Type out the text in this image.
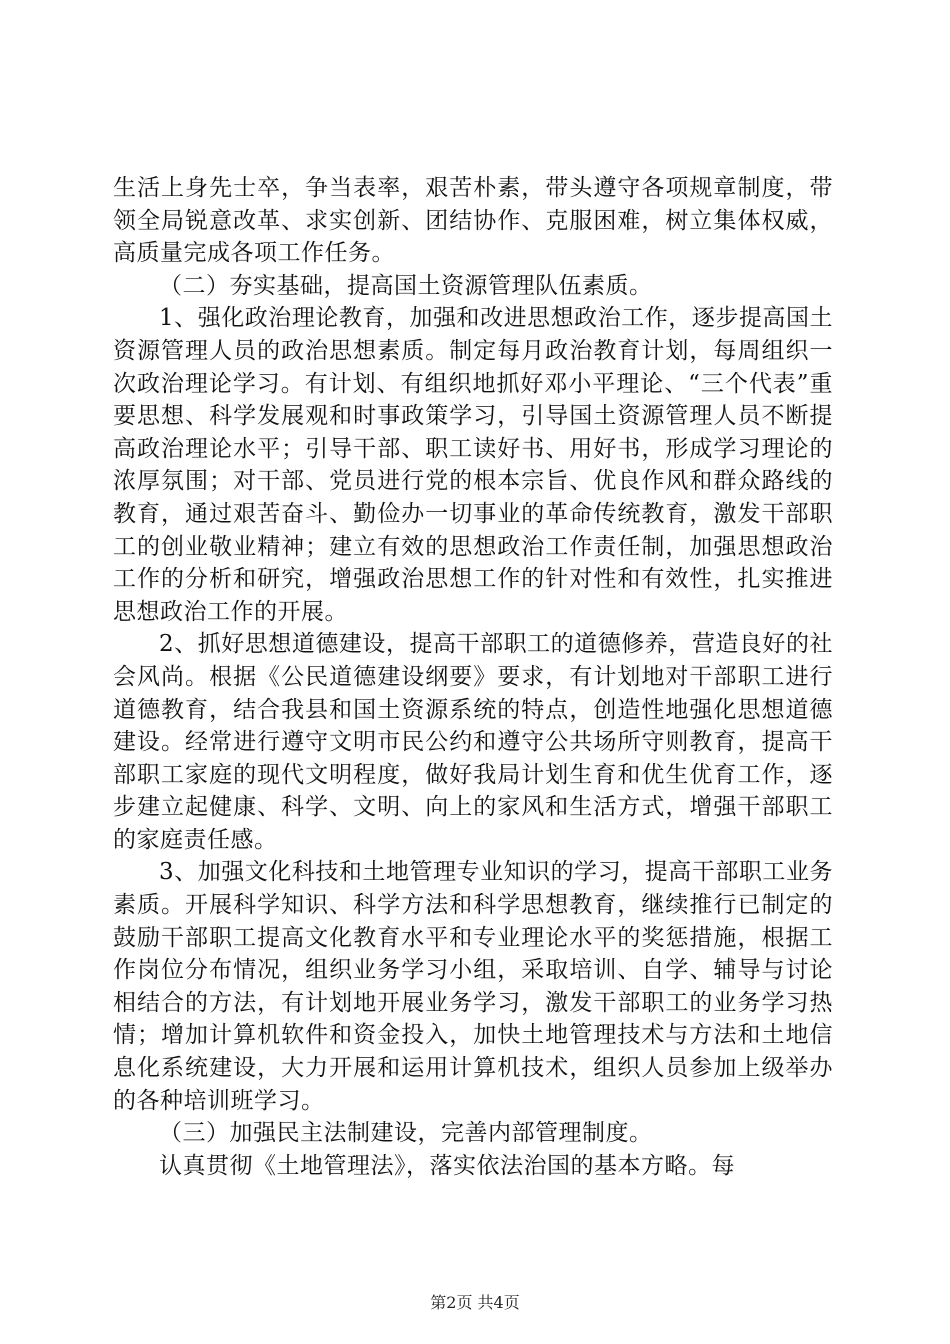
生活上身先士卒，争当表率，艰苦朴素，带头遵守各项规章制度，带领全局锐意改革、求实创新、团结协作、克服困难，树立集体权威，高质量完成各项工作任务。

（二）夯实基础，提高国土资源管理队伍素质。

1、强化政治理论教育，加强和改进思想政治工作，逐步提高国土资源管理人员的政治思想素质。制定每月政治教育计划，每周组织一次政治理论学习。有计划、有组织地抓好邓小平理论、“三个代表”重要思想、科学发展观和时事政策学习，引导国土资源管理人员不断提高政治理论水平；引导干部、职工读好书、用好书，形成学习理论的浓厚氛围；对干部、党员进行党的根本宗旨、优良作风和群众路线的教育，通过艰苦奋斗、勤俭办一切事业的革命传统教育，激发干部职工的创业敬业精神；建立有效的思想政治工作责任制，加强思想政治工作的分析和研究，增强政治思想工作的针对性和有效性，扎实推进思想政治工作的开展。

2、抓好思想道德建设，提高干部职工的道德修养，营造良好的社会风尚。根据《公民道德建设纲要》要求，有计划地对干部职工进行道德教育，结合我县和国土资源系统的特点，创造性地强化思想道德建设。经常进行遵守文明市民公约和遵守公共场所守则教育，提高干部职工家庭的现代文明程度，做好我局计划生育和优生优育工作，逐步建立起健康、科学、文明、向上的家风和生活方式，增强干部职工的家庭责任感。

3、加强文化科技和土地管理专业知识的学习，提高干部职工业务素质。开展科学知识、科学方法和科学思想教育，继续推行已制定的鼓励干部职工提高文化教育水平和专业理论水平的奖惩措施，根据工作岗位分布情况，组织业务学习小组，采取培训、自学、辅导与讨论相结合的方法，有计划地开展业务学习，激发干部职工的业务学习热情；增加计算机软件和资金投入，加快土地管理技术与方法和土地信息化系统建设，大力开展和运用计算机技术，组织人员参加上级举办的各种培训班学习。

（三）加强民主法制建设，完善内部管理制度。

认真贯彻《土地管理法》，落实依法治国的基本方略。每

第2页 共4页
